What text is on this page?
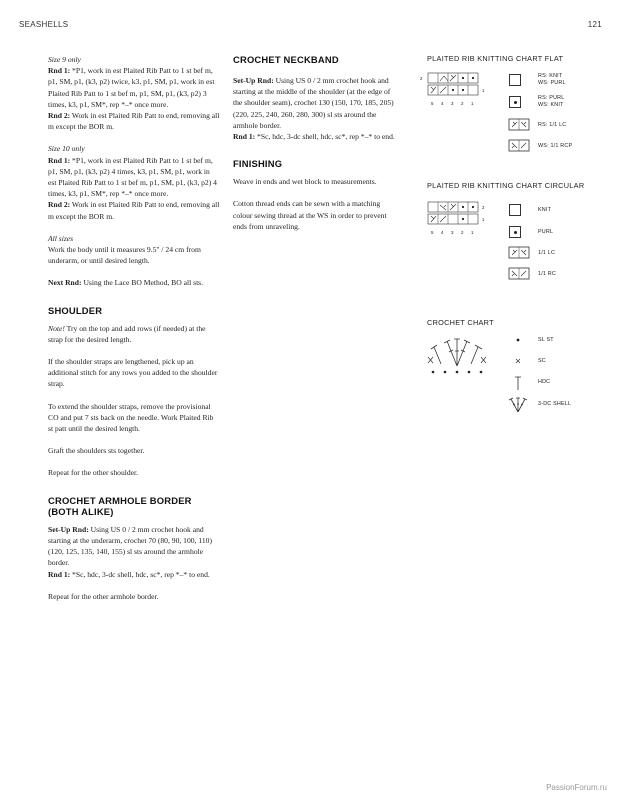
SEASHELLS	121

Size 9 only
Rnd 1: *P1, work in est Plaited Rib Patt to 1 st bef m, p1, SM, p1, (k3, p2) twice, k3, p1, SM, p1, work in est Plaited Rib Patt to 1 st bef m, p1, SM, p1, (k3, p2) 3 times, k3, p1, SM*, rep *–* once more.
Rnd 2: Work in est Plaited Rib Patt to end, removing all m except the BOR m.

Size 10 only
Rnd 1: *P1, work in est Plaited Rib Patt to 1 st bef m, p1, SM, p1, (k3, p2) 4 times, k3, p1, SM, p1, work in est Plaited Rib Patt to 1 st bef m, p1, SM, p1, (k3, p2) 4 times, k3, p1, SM*, rep *–* once more.
Rnd 2: Work in est Plaited Rib Patt to end, removing all m except the BOR m.

All sizes
Work the body until it measures 9.5" / 24 cm from underarm, or until desired length.

Next Rnd: Using the Lace BO Method, BO all sts.

SHOULDER

Note! Try on the top and add rows (if needed) at the strap for the desired length.

If the shoulder straps are lengthened, pick up an additional stitch for any rows you added to the shoulder strap.

To extend the shoulder straps, remove the provisional CO and put 7 sts back on the needle. Work Plaited Rib st patt until the desired length.

Graft the shoulders sts together.

Repeat for the other shoulder.

CROCHET ARMHOLE BORDER
(BOTH ALIKE)

Set-Up Rnd: Using US 0 / 2 mm crochet hook and starting at the underarm, crochet 70 (80, 90, 100, 110) (120, 125, 135, 140, 155) sl sts around the armhole border.
Rnd 1: *Sc, hdc, 3-dc shell, hdc, sc*, rep *–* to end.

Repeat for the other armhole border.

CROCHET NECKBAND

Set-Up Rnd: Using US 0 / 2 mm crochet hook and starting at the middle of the shoulder (at the edge of the shoulder seam), crochet 130 (150, 170, 185, 205) (220, 225, 240, 260, 280, 300) sl sts around the armhole border.
Rnd 1: *Sc, hdc, 3-dc shell, hdc, sc*, rep *–* to end.

FINISHING

Weave in ends and wet block to measurements.

Cotton thread ends can be sewn with a matching colour sewing thread at the WS in order to prevent ends from unraveling.

PLAITED RIB KNITTING CHART FLAT
2
1
5 4 3 2 1
RS: KNIT
WS: PURL
RS: PURL
WS: KNIT
RS: 1/1 LC
WS: 1/1 RCP
PLAITED RIB KNITTING CHART CIRCULAR
2
1
5 4 3 2 1
KNIT
PURL
1/1 LC
1/1 RC
CROCHET CHART
SL ST
SC
HDC
3-DC SHELL
PassionForum.ru
